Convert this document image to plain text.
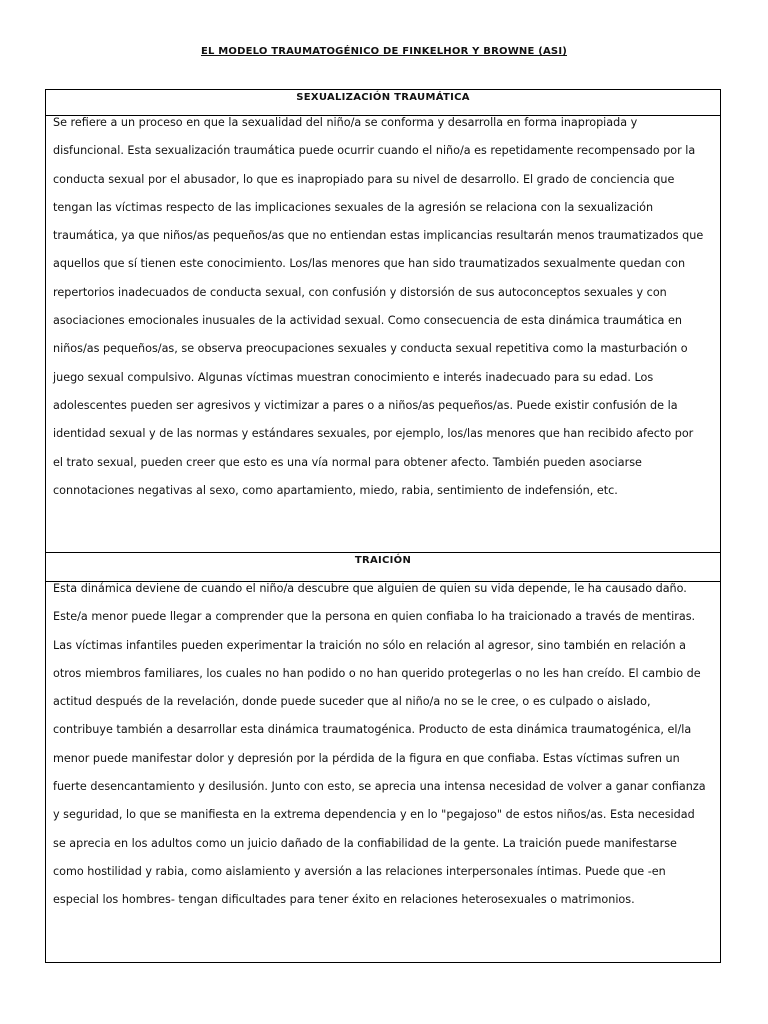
EL MODELO TRAUMATOGÉNICO DE FINKELHOR Y BROWNE (ASI)
SEXUALIZACIÓN TRAUMÁTICA
Se refiere a un proceso en que la sexualidad del niño/a se conforma y desarrolla en forma inapropiada y
disfuncional. Esta sexualización traumática puede ocurrir cuando el niño/a es repetidamente recompensado por la
conducta sexual por el abusador, lo que es inapropiado para su nivel de desarrollo. El grado de conciencia que
tengan las víctimas respecto de las implicaciones sexuales de la agresión se relaciona con la sexualización
traumática, ya que niños/as pequeños/as que no entiendan estas implicancias resultarán menos traumatizados que
aquellos que sí tienen este conocimiento. Los/las menores que han sido traumatizados sexualmente quedan con
repertorios inadecuados de conducta sexual, con confusión y distorsión de sus autoconceptos sexuales y con
asociaciones emocionales inusuales de la actividad sexual. Como consecuencia de esta dinámica traumática en
niños/as pequeños/as, se observa preocupaciones sexuales y conducta sexual repetitiva como la masturbación o
juego sexual compulsivo. Algunas víctimas muestran conocimiento e interés inadecuado para su edad. Los
adolescentes pueden ser agresivos y victimizar a pares o a niños/as pequeños/as. Puede existir confusión de la
identidad sexual y de las normas y estándares sexuales, por ejemplo, los/las menores que han recibido afecto por
el trato sexual, pueden creer que esto es una vía normal para obtener afecto. También pueden asociarse
connotaciones negativas al sexo, como apartamiento, miedo, rabia, sentimiento de indefensión, etc.
TRAICIÓN
Esta dinámica deviene de cuando el niño/a descubre que alguien de quien su vida depende, le ha causado daño.
Este/a menor puede llegar a comprender que la persona en quien confiaba lo ha traicionado a través de mentiras.
Las víctimas infantiles pueden experimentar la traición no sólo en relación al agresor, sino también en relación a
otros miembros familiares, los cuales no han podido o no han querido protegerlas o no les han creído. El cambio de
actitud después de la revelación, donde puede suceder que al niño/a no se le cree, o es culpado o aislado,
contribuye también a desarrollar esta dinámica traumatogénica. Producto de esta dinámica traumatogénica, el/la
menor puede manifestar dolor y depresión por la pérdida de la figura en que confiaba. Estas víctimas sufren un
fuerte desencantamiento y desilusión. Junto con esto, se aprecia una intensa necesidad de volver a ganar confianza
y seguridad, lo que se manifiesta en la extrema dependencia y en lo "pegajoso" de estos niños/as. Esta necesidad
se aprecia en los adultos como un juicio dañado de la confiabilidad de la gente. La traición puede manifestarse
como hostilidad y rabia, como aislamiento y aversión a las relaciones interpersonales íntimas. Puede que -en
especial los hombres- tengan dificultades para tener éxito en relaciones heterosexuales o matrimonios.
